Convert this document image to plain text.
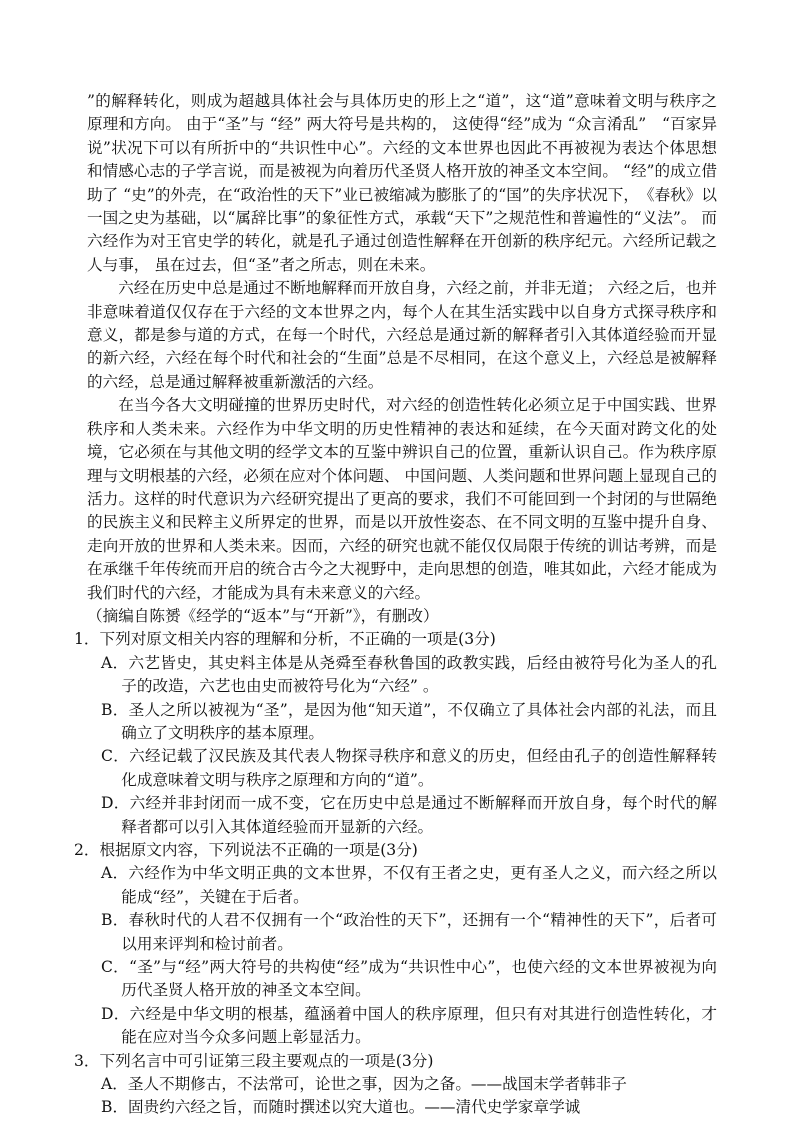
”的解释转化，则成为超越具体社会与具体历史的形上之“道”，这“道”意味着文明与秩序之原理和方向。 由于“圣”与 “经” 两大符号是共构的， 这使得“经”成为 “众言淆乱”　“百家异说”状况下可以有所折中的“共识性中心”。六经的文本世界也因此不再被视为表达个体思想和情感心志的子学言说，而是被视为向着历代圣贤人格开放的神圣文本空间。 “经”的成立借助了 “史”的外壳，在“政治性的天下”业已被缩减为膨胀了的“国”的失序状况下，　《春秋》以一国之史为基础，以“属辞比事”的象征性方式，承载“天下”之规范性和普遍性的“义法”。 而六经作为对王官史学的转化，就是孔子通过创造性解释在开创新的秩序纪元。六经所记载之人与事， 虽在过去，但“圣”者之所志，则在未来。

六经在历史中总是通过不断地解释而开放自身，六经之前，并非无道； 六经之后，也并非意味着道仅仅存在于六经的文本世界之内，每个人在其生活实践中以自身方式探寻秩序和意义，都是参与道的方式，在每一个时代，六经总是通过新的解释者引入其体道经验而开显的新六经，六经在每个时代和社会的“生面”总是不尽相同，在这个意义上，六经总是被解释的六经，总是通过解释被重新激活的六经。

在当今各大文明碰撞的世界历史时代，对六经的创造性转化必须立足于中国实践、世界秩序和人类未来。六经作为中华文明的历史性精神的表达和延续，在今天面对跨文化的处境，它必须在与其他文明的经学文本的互鉴中辨识自己的位置，重新认识自己。作为秩序原理与文明根基的六经，必须在应对个体问题、 中国问题、人类问题和世界问题上显现自己的活力。这样的时代意识为六经研究提出了更高的要求，我们不可能回到一个封闭的与世隔绝的民族主义和民粹主义所界定的世界，而是以开放性姿态、在不同文明的互鉴中提升自身、走向开放的世界和人类未来。因而，六经的研究也就不能仅仅局限于传统的训诂考辨，而是在承继千年传统而开启的统合古今之大视野中，走向思想的创造，唯其如此，六经才能成为我们时代的六经，才能成为具有未来意义的六经。

（摘编自陈赟《经学的“返本”与“开新”》，有删改）

1．下列对原文相关内容的理解和分析，不正确的一项是(3分)

A．六艺皆史，其史料主体是从尧舜至春秋鲁国的政教实践，后经由被符号化为圣人的孔子的改造，六艺也由史而被符号化为“六经” 。

B．圣人之所以被视为“圣”，是因为他“知天道”，不仅确立了具体社会内部的礼法，而且确立了文明秩序的基本原理。

C．六经记载了汉民族及其代表人物探寻秩序和意义的历史，但经由孔子的创造性解释转化成意味着文明与秩序之原理和方向的“道”。

D．六经并非封闭而一成不变，它在历史中总是通过不断解释而开放自身，每个时代的解释者都可以引入其体道经验而开显新的六经。

2．根据原文内容，下列说法不正确的一项是(3分)

A．六经作为中华文明正典的文本世界，不仅有王者之史，更有圣人之义，而六经之所以能成“经”，关键在于后者。

B．春秋时代的人君不仅拥有一个“政治性的天下”，还拥有一个“精神性的天下”，后者可以用来评判和检讨前者。

C．“圣”与“经”两大符号的共构使“经”成为“共识性中心”，也使六经的文本世界被视为向历代圣贤人格开放的神圣文本空间。

D．六经是中华文明的根基，蕴涵着中国人的秩序原理，但只有对其进行创造性转化，才能在应对当今众多问题上彰显活力。

3．下列名言中可引证第三段主要观点的一项是(3分)

A．圣人不期修古，不法常可，论世之事，因为之备。——战国末学者韩非子

B．固贵约六经之旨，而随时撰述以究大道也。——清代史学家章学诚
